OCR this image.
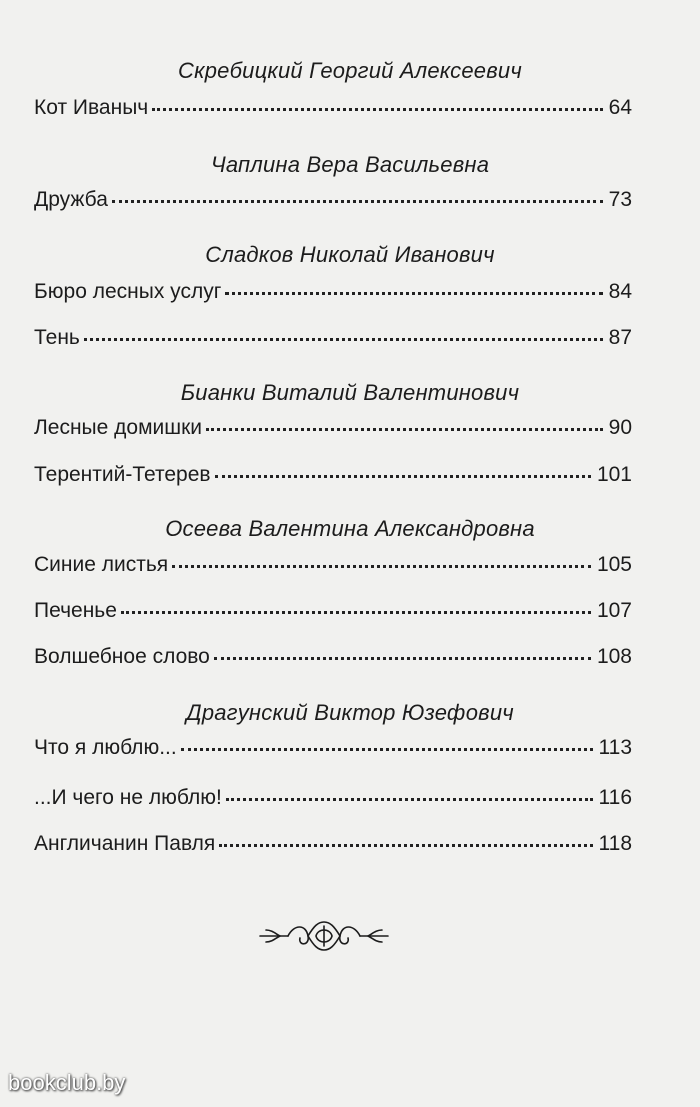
Скребицкий Георгий Алексеевич
Кот Иваныч	64
Чаплина Вера Васильевна
Дружба	73
Сладков Николай Иванович
Бюро лесных услуг	84
Тень	87
Бианки Виталий Валентинович
Лесные домишки	90
Терентий-Тетерев	101
Осеева Валентина Александровна
Синие листья	105
Печенье	107
Волшебное слово	108
Драгунский Виктор Юзефович
Что я люблю...	113
...И чего не люблю!	116
Англичанин Павля	118
bookclub.by
